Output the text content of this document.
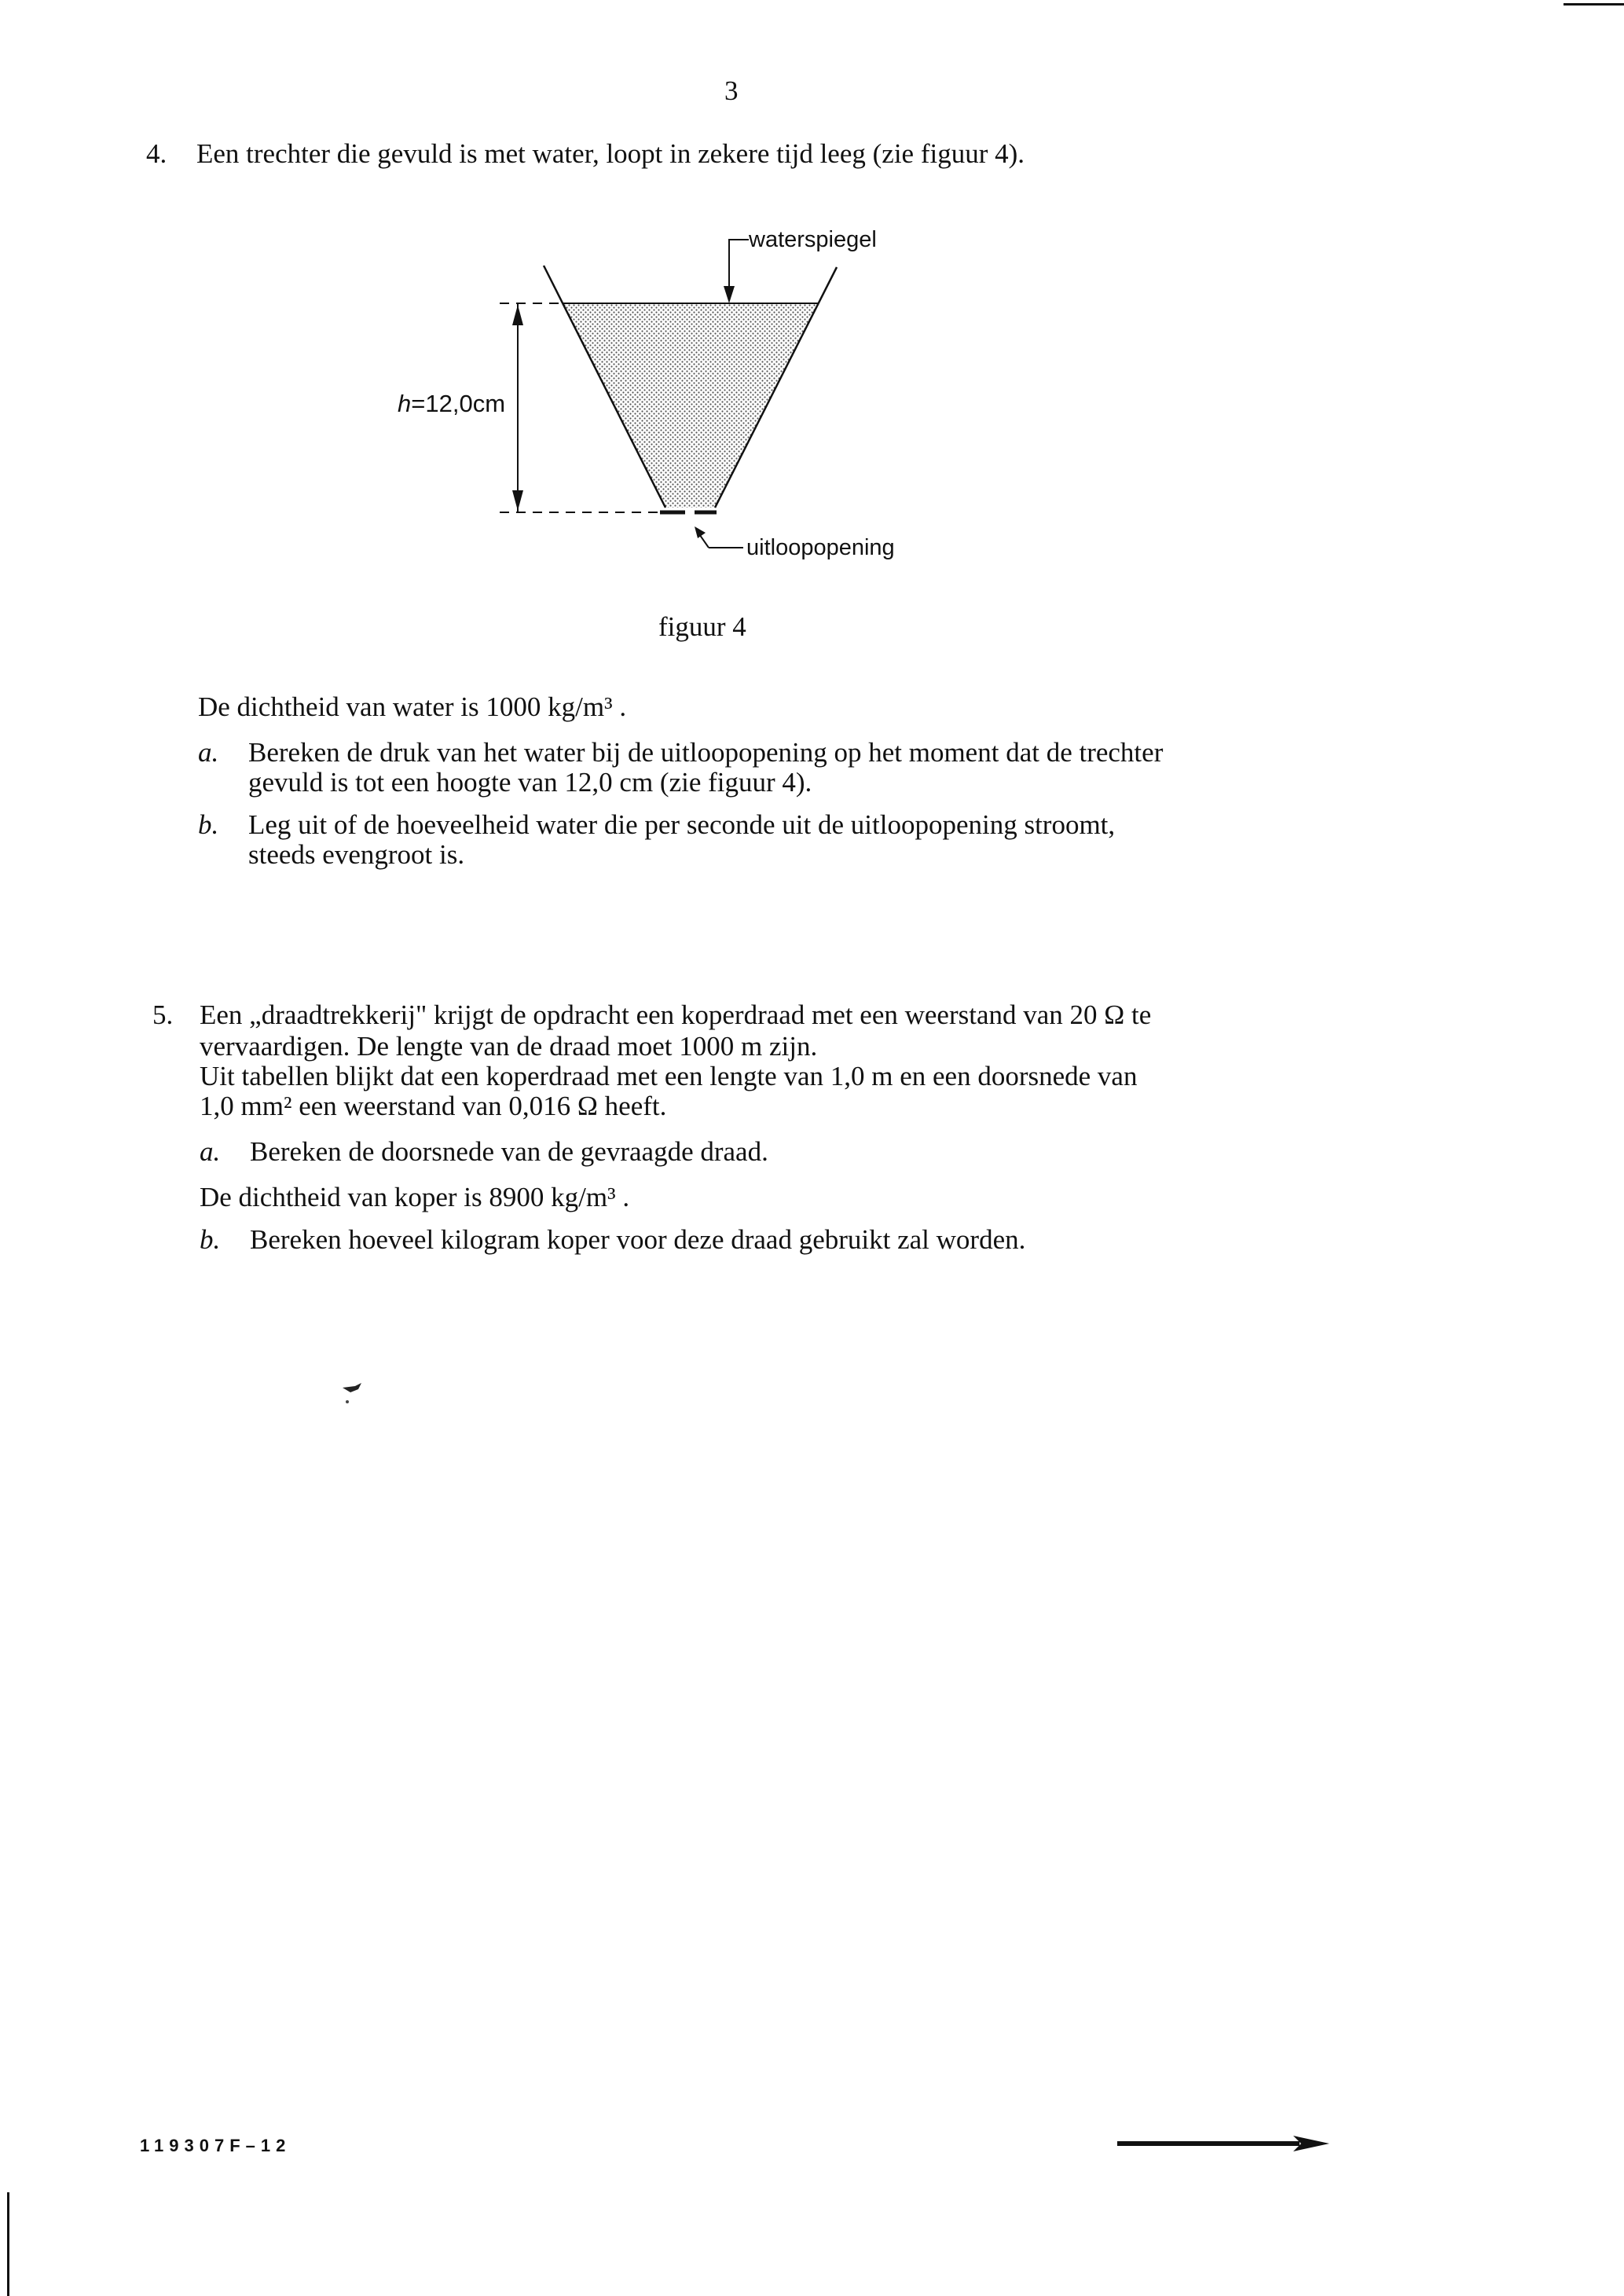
3
4. Een trechter die gevuld is met water, loopt in zekere tijd leeg (zie figuur 4).
waterspiegel
h=12,0cm
uitloopopening
figuur 4
De dichtheid van water is 1000 kg/m³ .
a. Bereken de druk van het water bij de uitloopopening op het moment dat de trechter
gevuld is tot een hoogte van 12,0 cm (zie figuur 4).
b. Leg uit of de hoeveelheid water die per seconde uit de uitloopopening stroomt,
steeds evengroot is.
5. Een „draadtrekkerij" krijgt de opdracht een koperdraad met een weerstand van 20 Ω te
vervaardigen. De lengte van de draad moet 1000 m zijn.
Uit tabellen blijkt dat een koperdraad met een lengte van 1,0 m en een doorsnede van
1,0 mm² een weerstand van 0,016 Ω heeft.
a. Bereken de doorsnede van de gevraagde draad.
De dichtheid van koper is 8900 kg/m³ .
b. Bereken hoeveel kilogram koper voor deze draad gebruikt zal worden.
119307F–12
